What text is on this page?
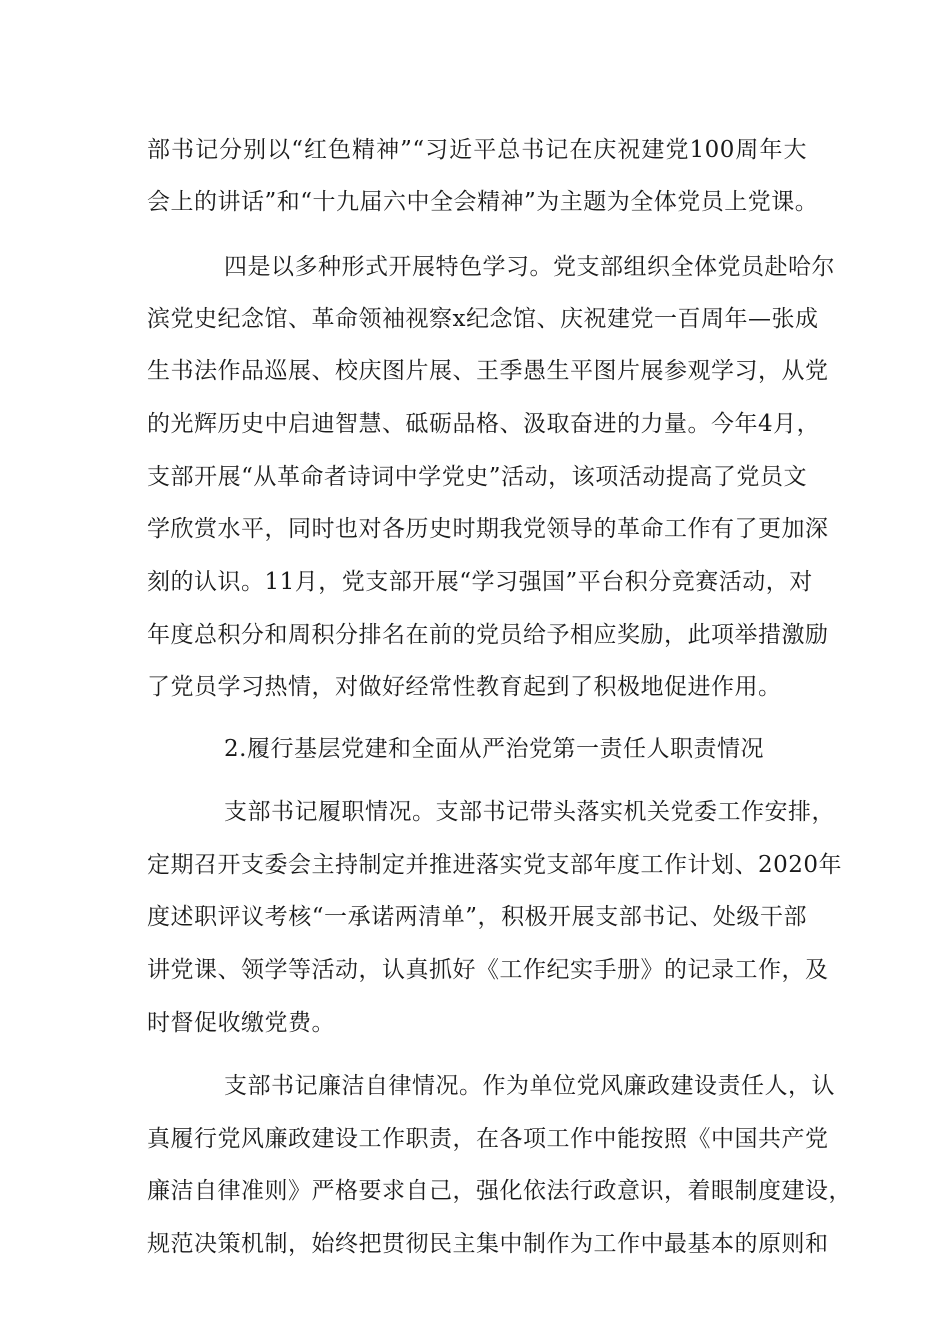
部书记分别以“红色精神”“习近平总书记在庆祝建党100周年大
会上的讲话”和“十九届六中全会精神”为主题为全体党员上党课。
四是以多种形式开展特色学习。党支部组织全体党员赴哈尔
滨党史纪念馆、革命领袖视察x纪念馆、庆祝建党一百周年—张成
生书法作品巡展、校庆图片展、王季愚生平图片展参观学习，从党
的光辉历史中启迪智慧、砥砺品格、汲取奋进的力量。今年4月，
支部开展“从革命者诗词中学党史”活动，该项活动提高了党员文
学欣赏水平，同时也对各历史时期我党领导的革命工作有了更加深
刻的认识。11月，党支部开展“学习强国”平台积分竞赛活动，对
年度总积分和周积分排名在前的党员给予相应奖励，此项举措激励
了党员学习热情，对做好经常性教育起到了积极地促进作用。
2.履行基层党建和全面从严治党第一责任人职责情况
支部书记履职情况。支部书记带头落实机关党委工作安排，
定期召开支委会主持制定并推进落实党支部年度工作计划、2020年
度述职评议考核“一承诺两清单”，积极开展支部书记、处级干部
讲党课、领学等活动，认真抓好《工作纪实手册》的记录工作，及
时督促收缴党费。
支部书记廉洁自律情况。作为单位党风廉政建设责任人，认
真履行党风廉政建设工作职责，在各项工作中能按照《中国共产党
廉洁自律准则》严格要求自己，强化依法行政意识，着眼制度建设，
规范决策机制，始终把贯彻民主集中制作为工作中最基本的原则和
